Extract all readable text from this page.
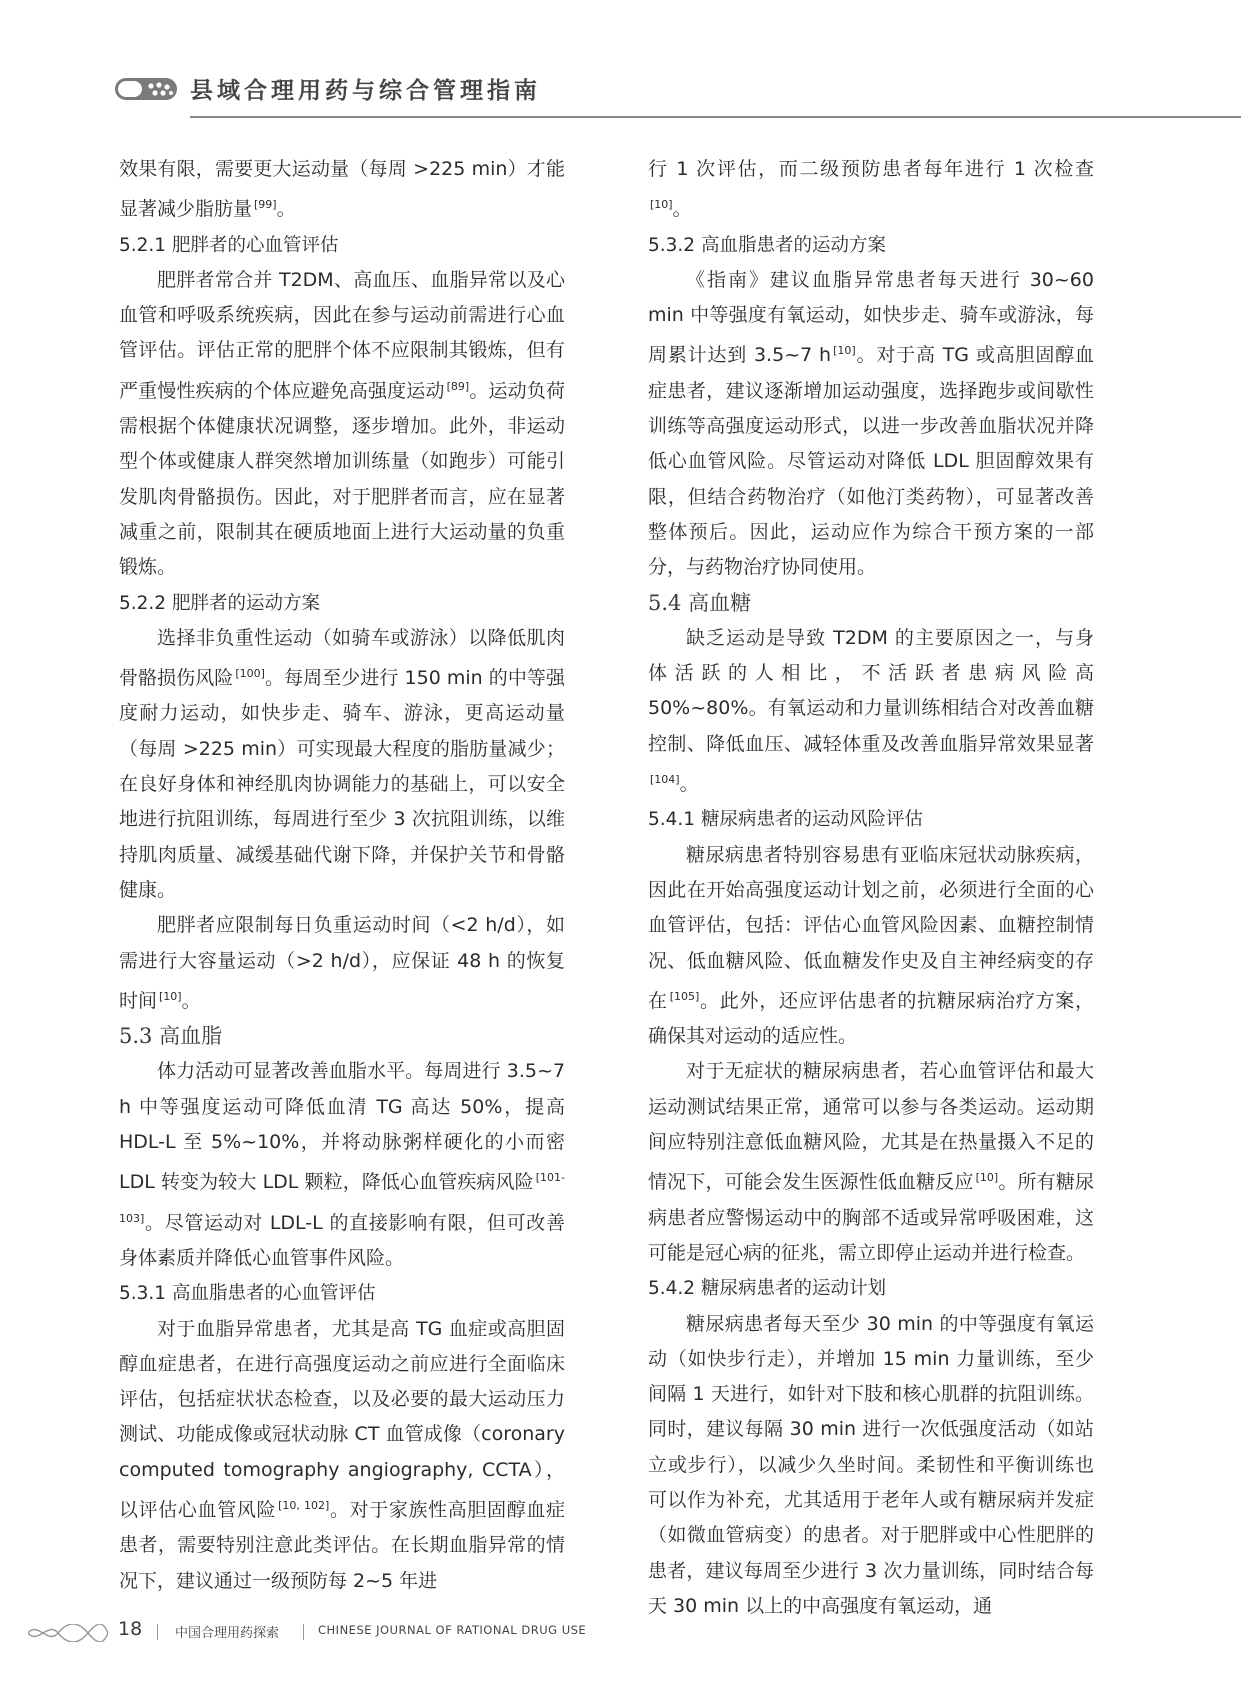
县域合理用药与综合管理指南

效果有限，需要更大运动量（每周 >225 min）才能显著减少脂肪量 [99]。

5.2.1 肥胖者的心血管评估

肥胖者常合并 T2DM、高血压、血脂异常以及心血管和呼吸系统疾病，因此在参与运动前需进行心血管评估。评估正常的肥胖个体不应限制其锻炼，但有严重慢性疾病的个体应避免高强度运动 [89]。运动负荷需根据个体健康状况调整，逐步增加。此外，非运动型个体或健康人群突然增加训练量（如跑步）可能引发肌肉骨骼损伤。因此，对于肥胖者而言，应在显著减重之前，限制其在硬质地面上进行大运动量的负重锻炼。

5.2.2 肥胖者的运动方案

选择非负重性运动（如骑车或游泳）以降低肌肉骨骼损伤风险 [100]。每周至少进行 150 min 的中等强度耐力运动，如快步走、骑车、游泳，更高运动量（每周 >225 min）可实现最大程度的脂肪量减少；在良好身体和神经肌肉协调能力的基础上，可以安全地进行抗阻训练，每周进行至少 3 次抗阻训练，以维持肌肉质量、减缓基础代谢下降，并保护关节和骨骼健康。

肥胖者应限制每日负重运动时间（<2 h/d），如需进行大容量运动（>2 h/d），应保证 48 h 的恢复时间 [10]。

5.3 高血脂

体力活动可显著改善血脂水平。每周进行 3.5~7 h 中等强度运动可降低血清 TG 高达 50%，提高 HDL-L 至 5%~10%，并将动脉粥样硬化的小而密 LDL 转变为较大 LDL 颗粒，降低心血管疾病风险 [101-103]。尽管运动对 LDL-L 的直接影响有限，但可改善身体素质并降低心血管事件风险。

5.3.1 高血脂患者的心血管评估

对于血脂异常患者，尤其是高 TG 血症或高胆固醇血症患者，在进行高强度运动之前应进行全面临床评估，包括症状状态检查，以及必要的最大运动压力测试、功能成像或冠状动脉 CT 血管成像（coronary computed tomography angiography, CCTA），以评估心血管风险 [10, 102]。对于家族性高胆固醇血症患者，需要特别注意此类评估。在长期血脂异常的情况下，建议通过一级预防每 2~5 年进

行 1 次评估，而二级预防患者每年进行 1 次检查[10]。

5.3.2 高血脂患者的运动方案

《指南》建议血脂异常患者每天进行 30~60 min 中等强度有氧运动，如快步走、骑车或游泳，每周累计达到 3.5~7 h [10]。对于高 TG 或高胆固醇血症患者，建议逐渐增加运动强度，选择跑步或间歇性训练等高强度运动形式，以进一步改善血脂状况并降低心血管风险。尽管运动对降低 LDL 胆固醇效果有限，但结合药物治疗（如他汀类药物），可显著改善整体预后。因此，运动应作为综合干预方案的一部分，与药物治疗协同使用。

5.4 高血糖

缺乏运动是导致 T2DM 的主要原因之一，与身体活跃的人相比，不活跃者患病风险高 50%~80%。有氧运动和力量训练相结合对改善血糖控制、降低血压、减轻体重及改善血脂异常效果显著[104]。

5.4.1 糖尿病患者的运动风险评估

糖尿病患者特别容易患有亚临床冠状动脉疾病，因此在开始高强度运动计划之前，必须进行全面的心血管评估，包括：评估心血管风险因素、血糖控制情况、低血糖风险、低血糖发作史及自主神经病变的存在 [105]。此外，还应评估患者的抗糖尿病治疗方案，确保其对运动的适应性。

对于无症状的糖尿病患者，若心血管评估和最大运动测试结果正常，通常可以参与各类运动。运动期间应特别注意低血糖风险，尤其是在热量摄入不足的情况下，可能会发生医源性低血糖反应 [10]。所有糖尿病患者应警惕运动中的胸部不适或异常呼吸困难，这可能是冠心病的征兆，需立即停止运动并进行检查。

5.4.2 糖尿病患者的运动计划

糖尿病患者每天至少 30 min 的中等强度有氧运动（如快步行走），并增加 15 min 力量训练，至少间隔 1 天进行，如针对下肢和核心肌群的抗阻训练。同时，建议每隔 30 min 进行一次低强度活动（如站立或步行），以减少久坐时间。柔韧性和平衡训练也可以作为补充，尤其适用于老年人或有糖尿病并发症（如微血管病变）的患者。对于肥胖或中心性肥胖的患者，建议每周至少进行 3 次力量训练，同时结合每天 30 min 以上的中高强度有氧运动，通

18	中国合理用药探索	CHINESE JOURNAL OF RATIONAL DRUG USE
